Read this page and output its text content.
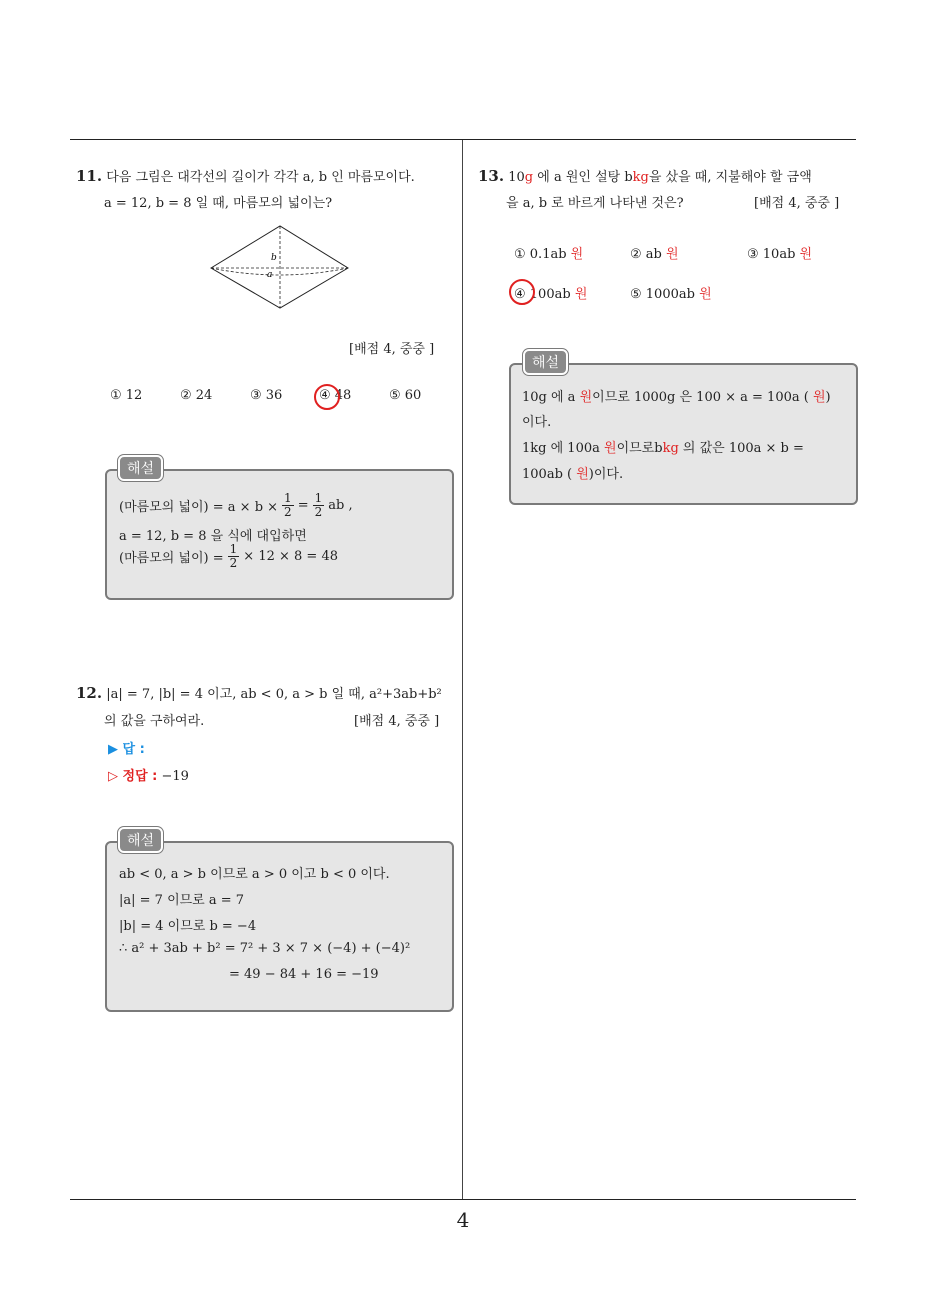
11. 다음 그림은 대각선의 길이가 각각 a, b 인 마름모이다.
a = 12, b = 8 일 때, 마름모의 넓이는?
b
a
[배점 4, 중중 ]
① 12	② 24	③ 36	④ 48	⑤ 60
해설
(마름모의 넓이) = $a \times b \times \frac{1}{2} = \frac{1}{2}$ ab ,
a = 12, b = 8 을 식에 대입하면
(마름모의 넓이) = $\frac{1}{2} \times 12 \times 8 = 48$
12. |a| = 7, |b| = 4 이고, ab < 0, a > b 일 때, a²+3ab+b²
의 값을 구하여라.	[배점 4, 중중 ]
▶ 답 :
▷ 정답 : −19
해설
ab < 0, a > b 이므로 a > 0 이고 b < 0 이다.
|a| = 7 이므로 a = 7
|b| = 4 이므로 b = −4
∴ a² + 3ab + b² = 7² + 3 × 7 × (−4) + (−4)²
= 49 − 84 + 16 = −19
13. 10g 에 a 원인 설탕 bkg을 샀을 때, 지불해야 할 금액
을 a, b 로 바르게 나타낸 것은?	[배점 4, 중중 ]
① 0.1ab 원	② ab 원	③ 10ab 원
④ 100ab 원	⑤ 1000ab 원
해설
10g 에 a 원이므로 1000g 은 100 × a = 100a ( 원)
이다.
1kg 에 100a 원이므로bkg 의 값은 100a × b =
100ab ( 원)이다.
4
